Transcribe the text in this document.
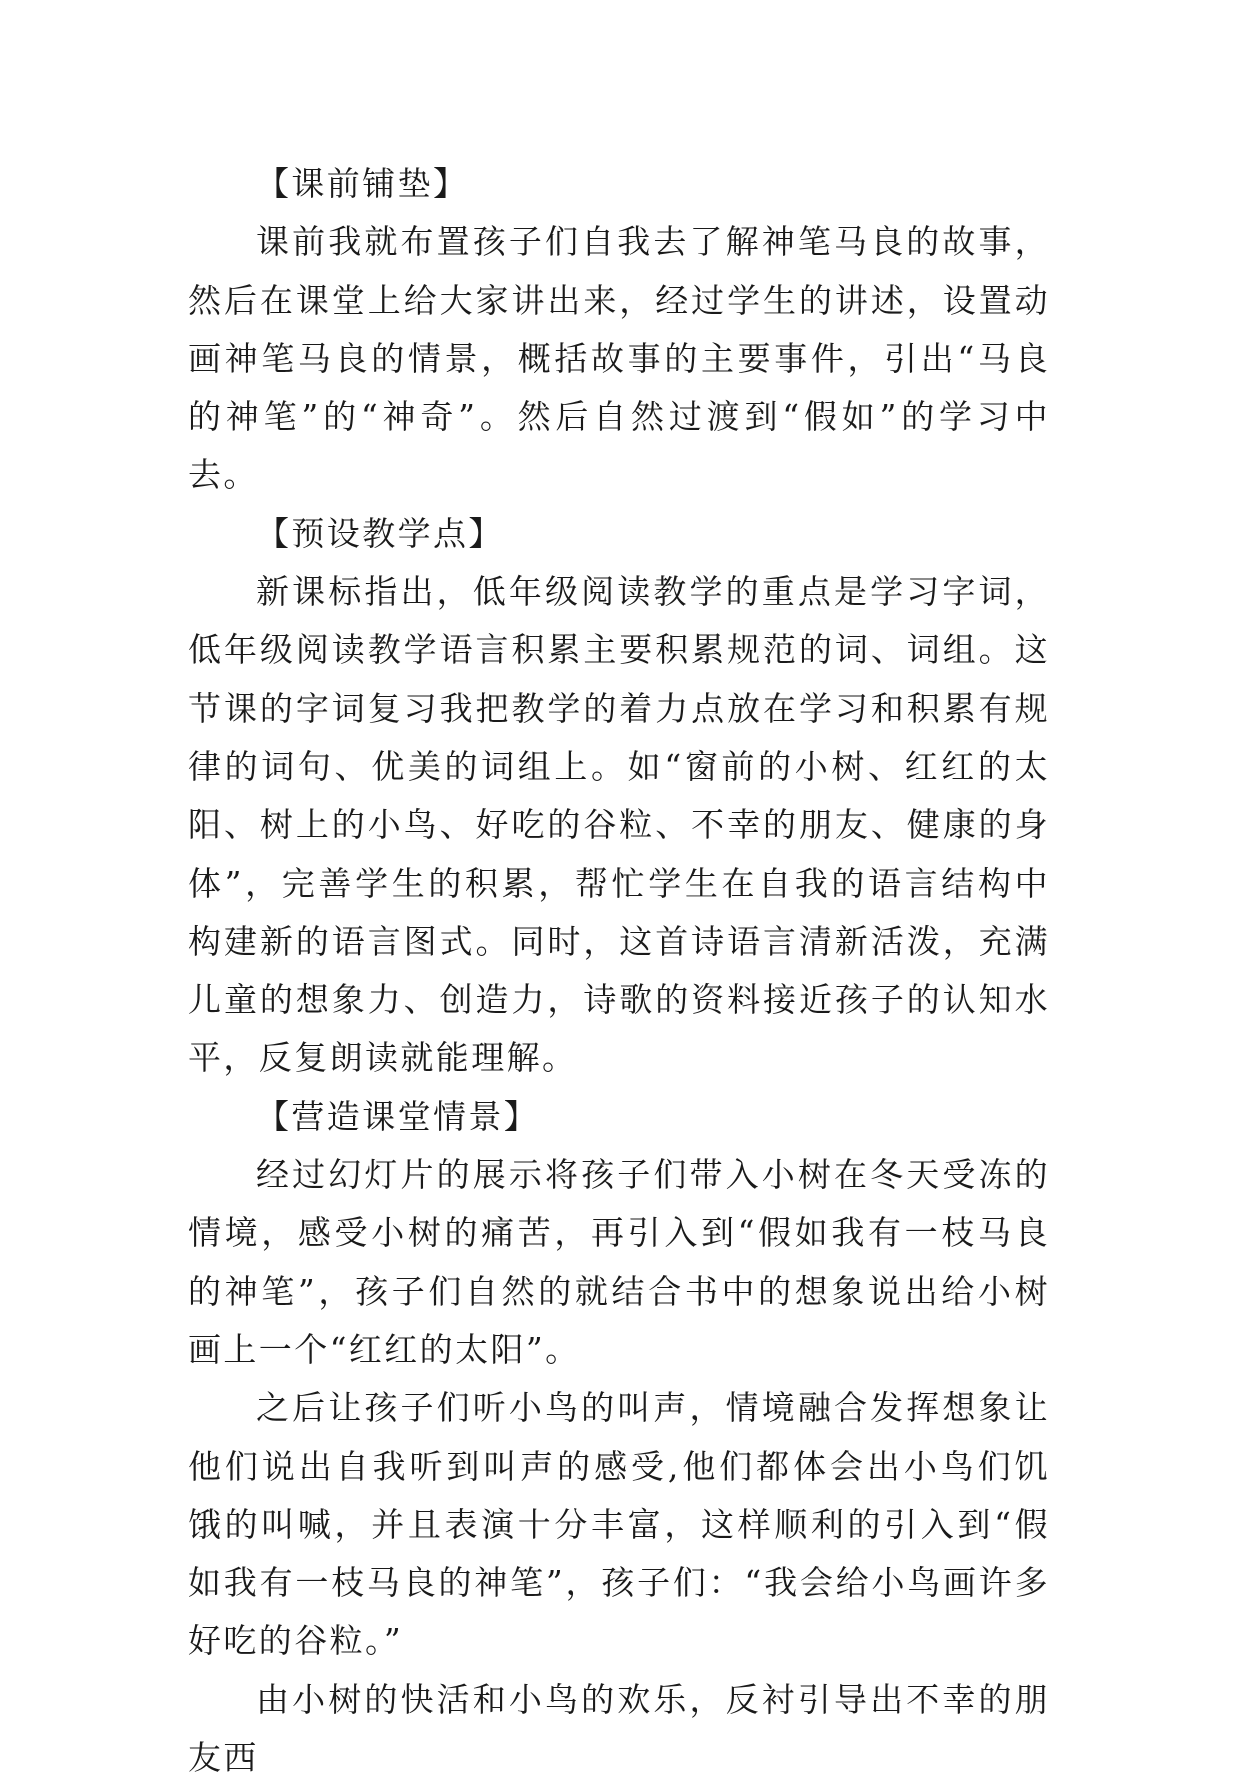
【课前铺垫】

课前我就布置孩子们自我去了解神笔马良的故事，然后在课堂上给大家讲出来，经过学生的讲述，设置动画神笔马良的情景，概括故事的主要事件，引出“马良的神笔”的“神奇”。然后自然过渡到“假如”的学习中去。

【预设教学点】

新课标指出，低年级阅读教学的重点是学习字词，低年级阅读教学语言积累主要积累规范的词、词组。这节课的字词复习我把教学的着力点放在学习和积累有规律的词句、优美的词组上。如“窗前的小树、红红的太阳、树上的小鸟、好吃的谷粒、不幸的朋友、健康的身体”，完善学生的积累，帮忙学生在自我的语言结构中构建新的语言图式。同时，这首诗语言清新活泼，充满儿童的想象力、创造力，诗歌的资料接近孩子的认知水平，反复朗读就能理解。

【营造课堂情景】

经过幻灯片的展示将孩子们带入小树在冬天受冻的情境，感受小树的痛苦，再引入到“假如我有一枝马良的神笔”，孩子们自然的就结合书中的想象说出给小树画上一个“红红的太阳”。

之后让孩子们听小鸟的叫声，情境融合发挥想象让他们说出自我听到叫声的感受,他们都体会出小鸟们饥饿的叫喊，并且表演十分丰富，这样顺利的引入到“假如我有一枝马良的神笔”，孩子们：“我会给小鸟画许多好吃的谷粒。”

由小树的快活和小鸟的欢乐，反衬引导出不幸的朋友西
